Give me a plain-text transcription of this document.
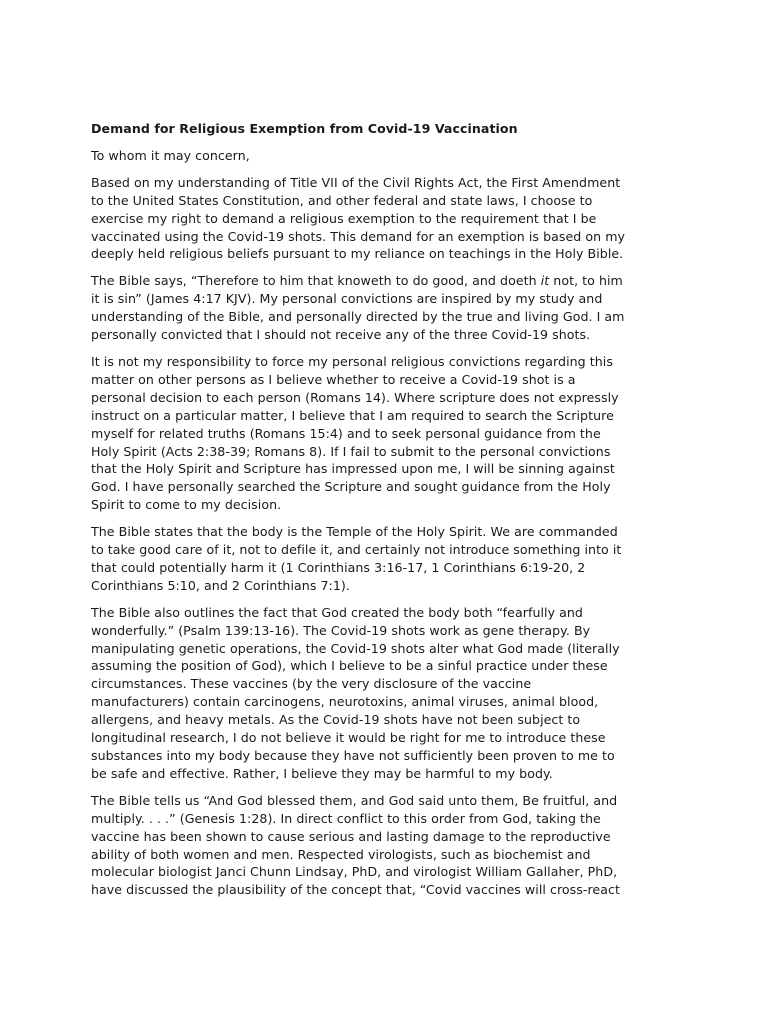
Demand for Religious Exemption from Covid-19 Vaccination

To whom it may concern,

Based on my understanding of Title VII of the Civil Rights Act, the First Amendment
to the United States Constitution, and other federal and state laws, I choose to
exercise my right to demand a religious exemption to the requirement that I be
vaccinated using the Covid-19 shots. This demand for an exemption is based on my
deeply held religious beliefs pursuant to my reliance on teachings in the Holy Bible.

The Bible says, “Therefore to him that knoweth to do good, and doeth it not, to him
it is sin” (James 4:17 KJV). My personal convictions are inspired by my study and
understanding of the Bible, and personally directed by the true and living God. I am
personally convicted that I should not receive any of the three Covid-19 shots.

It is not my responsibility to force my personal religious convictions regarding this
matter on other persons as I believe whether to receive a Covid-19 shot is a
personal decision to each person (Romans 14). Where scripture does not expressly
instruct on a particular matter, I believe that I am required to search the Scripture
myself for related truths (Romans 15:4) and to seek personal guidance from the
Holy Spirit (Acts 2:38-39; Romans 8). If I fail to submit to the personal convictions
that the Holy Spirit and Scripture has impressed upon me, I will be sinning against
God. I have personally searched the Scripture and sought guidance from the Holy
Spirit to come to my decision.

The Bible states that the body is the Temple of the Holy Spirit. We are commanded
to take good care of it, not to defile it, and certainly not introduce something into it
that could potentially harm it (1 Corinthians 3:16-17, 1 Corinthians 6:19-20, 2
Corinthians 5:10, and 2 Corinthians 7:1).

The Bible also outlines the fact that God created the body both “fearfully and
wonderfully.” (Psalm 139:13-16). The Covid-19 shots work as gene therapy. By
manipulating genetic operations, the Covid-19 shots alter what God made (literally
assuming the position of God), which I believe to be a sinful practice under these
circumstances. These vaccines (by the very disclosure of the vaccine
manufacturers) contain carcinogens, neurotoxins, animal viruses, animal blood,
allergens, and heavy metals. As the Covid-19 shots have not been subject to
longitudinal research, I do not believe it would be right for me to introduce these
substances into my body because they have not sufficiently been proven to me to
be safe and effective. Rather, I believe they may be harmful to my body.

The Bible tells us “And God blessed them, and God said unto them, Be fruitful, and
multiply. . . .” (Genesis 1:28). In direct conflict to this order from God, taking the
vaccine has been shown to cause serious and lasting damage to the reproductive
ability of both women and men. Respected virologists, such as biochemist and
molecular biologist Janci Chunn Lindsay, PhD, and virologist William Gallaher, PhD,
have discussed the plausibility of the concept that, “Covid vaccines will cross-react
